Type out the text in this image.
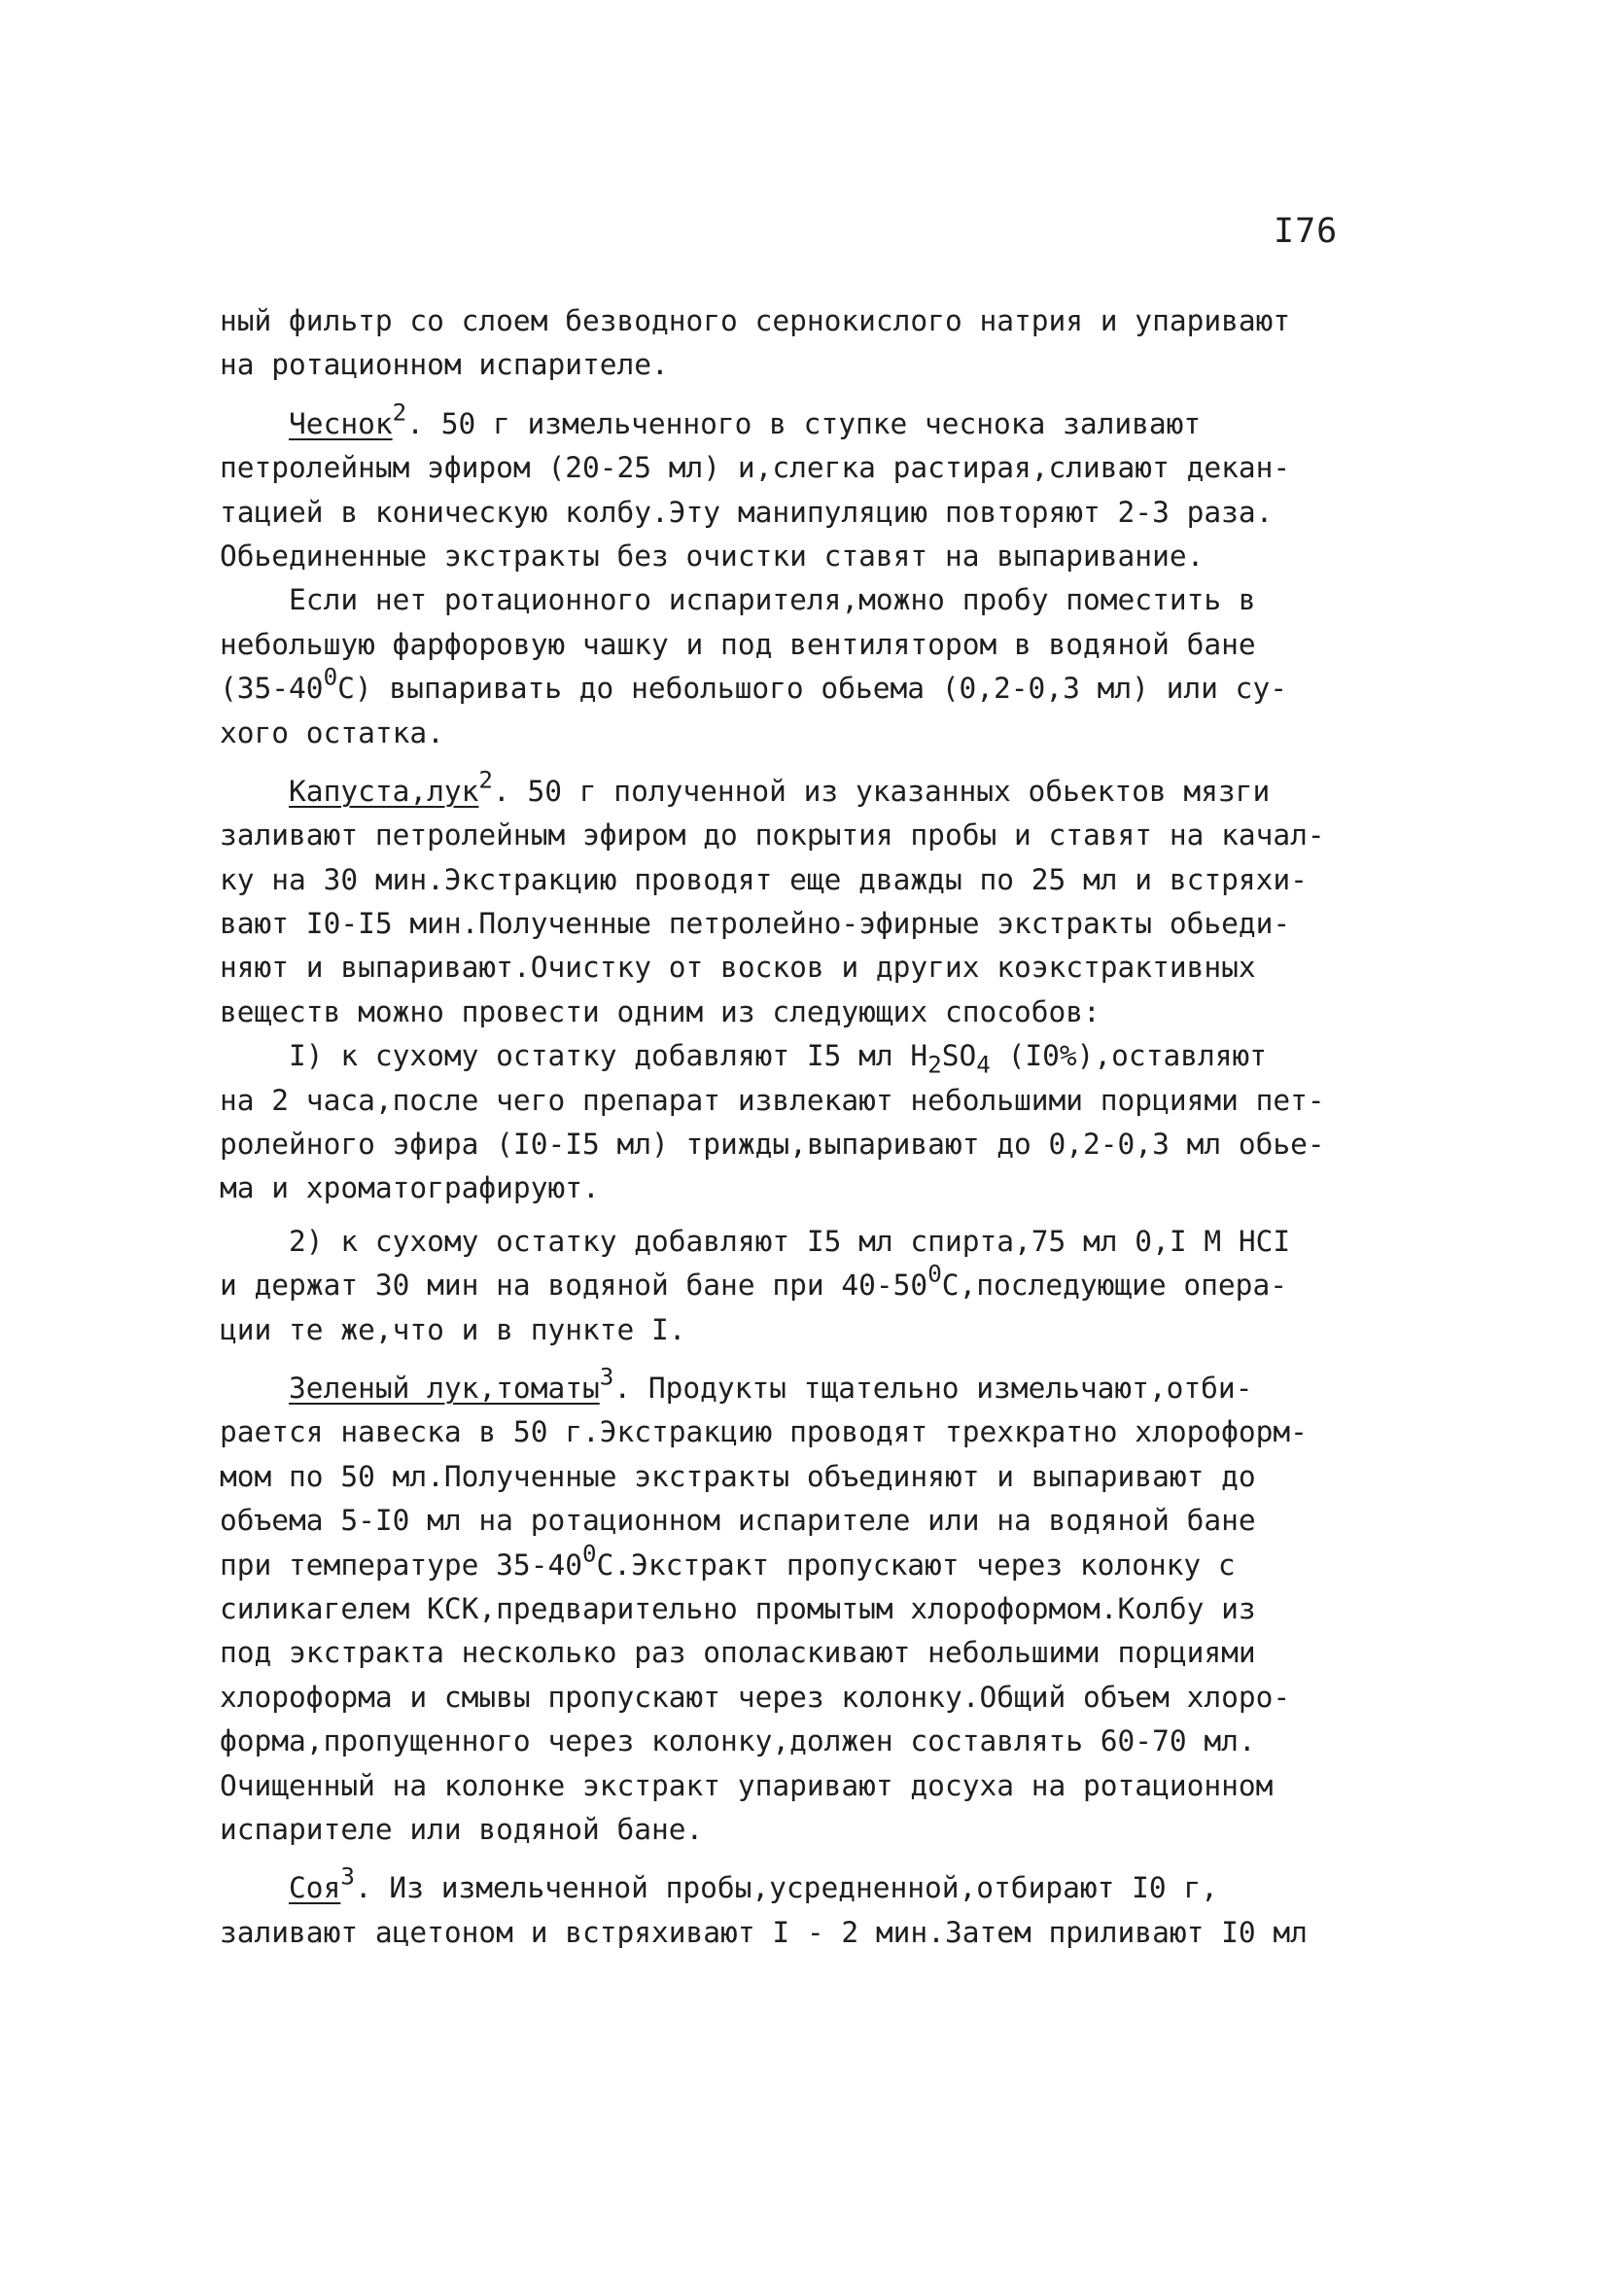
I76
ный фильтр со слоем безводного сернокислого натрия и упаривают
на ротационном испарителе.
Чеснок$^2$. 50 г измельченного в ступке чеснока заливают
петролейным эфиром (20-25 мл) и,слегка растирая,сливают декан-
тацией в коническую колбу.Эту манипуляцию повторяют 2-3 раза.
Обьединенные экстракты без очистки ставят на выпаривание.
Если нет ротационного испарителя,можно пробу поместить в
небольшую фарфоровую чашку и под вентилятором в водяной бане
$(35-40^0C)$ выпаривать до небольшого обьема (0,2-0,3 мл) или су-
хого остатка.
Капуста,лук$^2$. 50 г полученной из указанных обьектов мязги
заливают петролейным эфиром до покрытия пробы и ставят на качал-
ку на 30 мин.Экстракцию проводят еще дважды по 25 мл и встряхи-
вают I0-I5 мин.Полученные петролейно-эфирные экстракты обьеди-
няют и выпаривают.Очистку от восков и других коэкстрактивных
веществ можно провести одним из следующих способов:
I) к сухому остатку добавляют I5 мл $H_2SO_4$ (I0%),оставляют
на 2 часа,после чего препарат извлекают небольшими порциями пет-
ролейного эфира (I0-I5 мл) трижды,выпаривают до 0,2-0,3 мл обье-
ма и хроматографируют.
2) к сухому остатку добавляют I5 мл спирта,75 мл 0,I M HCI
и держат 30 мин на водяной бане при $40-50^0C,последующие$ опера-
ции те же,что и в пункте I.
Зеленый лук,томаты$^3$. Продукты тщательно измельчают,отби-
рается навеска в 50 г.Экстракцию проводят трехкратно хлороформ-
мом по 50 мл.Полученные экстракты объединяют и выпаривают до
объема 5-I0 мл на ротационном испарителе или на водяной бане
при температуре $35-40^0C.Экстракт$ пропускают через колонку с
силикагелем КСК,предварительно промытым хлороформом.Колбу из
под экстракта несколько раз ополаскивают небольшими порциями
хлороформа и смывы пропускают через колонку.Общий объем хлоро-
форма,пропущенного через колонку,должен составлять 60-70 мл.
Очищенный на колонке экстракт упаривают досуха на ротационном
испарителе или водяной бане.
Соя$^3$. Из измельченной пробы,усредненной,отбирают I0 г,
заливают ацетоном и встряхивают I - 2 мин.Затем приливают I0 мл
